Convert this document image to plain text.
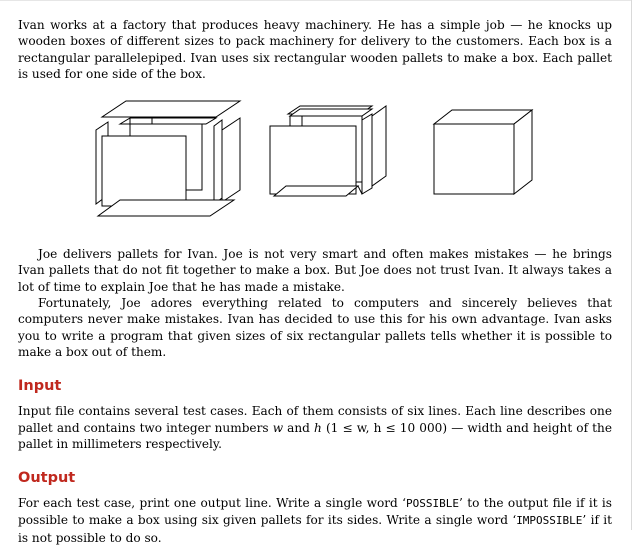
Ivan works at a factory that produces heavy machinery. He has a simple job — he knocks up wooden boxes of different sizes to pack machinery for delivery to the customers. Each box is a rectangular parallelepiped. Ivan uses six rectangular wooden pallets to make a box. Each pallet is used for one side of the box.

Joe delivers pallets for Ivan. Joe is not very smart and often makes mistakes — he brings Ivan pallets that do not fit together to make a box. But Joe does not trust Ivan. It always takes a lot of time to explain Joe that he has made a mistake.

Fortunately, Joe adores everything related to computers and sincerely believes that computers never make mistakes. Ivan has decided to use this for his own advantage. Ivan asks you to write a program that given sizes of six rectangular pallets tells whether it is possible to make a box out of them.

Input

Input file contains several test cases. Each of them consists of six lines. Each line describes one pallet and contains two integer numbers w and h (1 ≤ w, h ≤ 10 000) — width and height of the pallet in millimeters respectively.

Output

For each test case, print one output line. Write a single word ‘POSSIBLE’ to the output file if it is possible to make a box using six given pallets for its sides. Write a single word ‘IMPOSSIBLE’ if it is not possible to do so.
